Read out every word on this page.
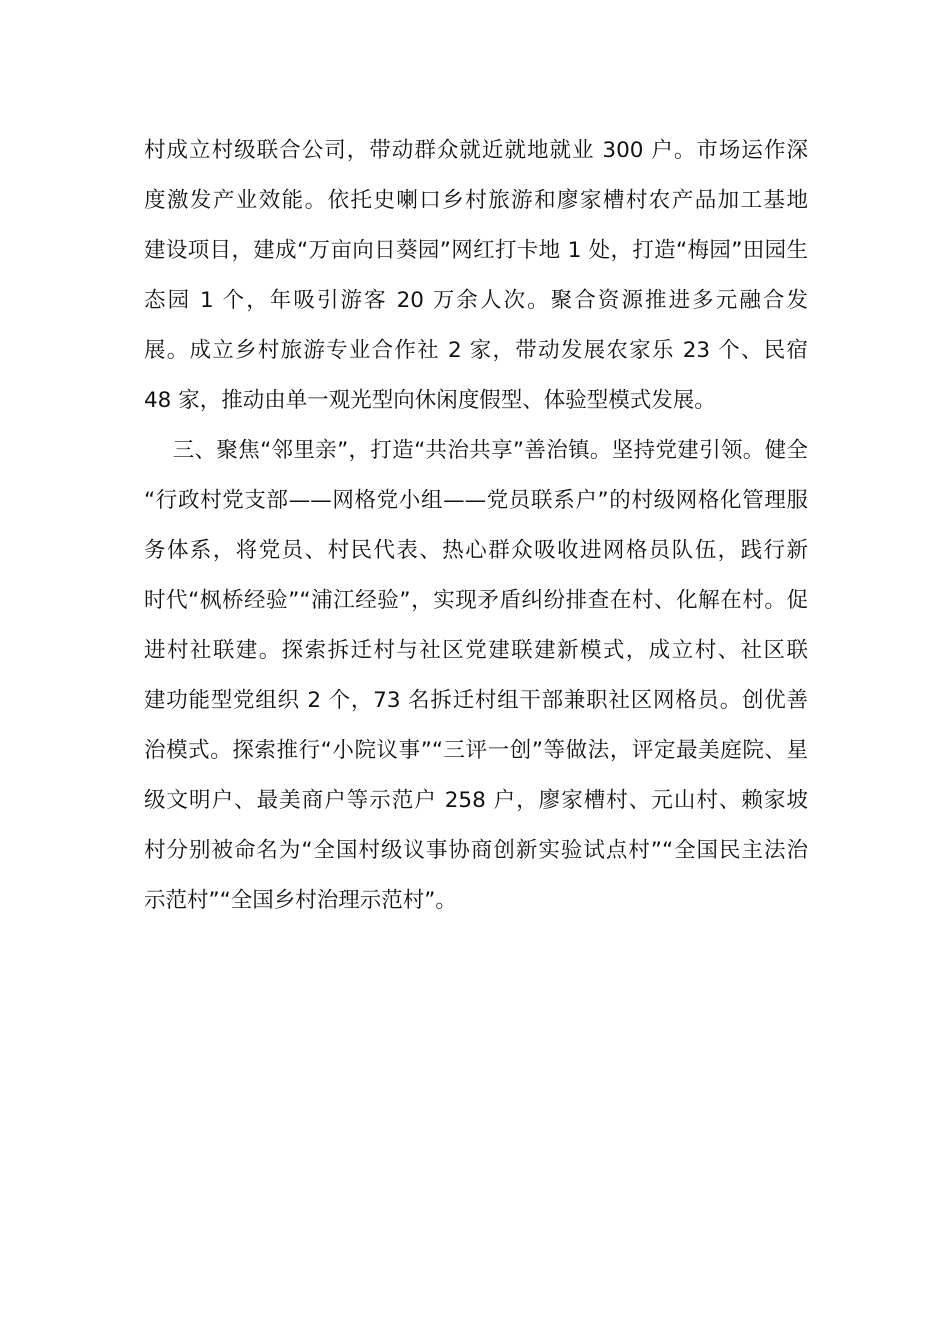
村成立村级联合公司，带动群众就近就地就业 300 户。市场运作深
度激发产业效能。依托史喇口乡村旅游和廖家槽村农产品加工基地
建设项目，建成“万亩向日葵园”网红打卡地 1 处，打造“梅园”田园生
态园 1 个，年吸引游客 20 万余人次。聚合资源推进多元融合发
展。成立乡村旅游专业合作社 2 家，带动发展农家乐 23 个、民宿
48 家，推动由单一观光型向休闲度假型、体验型模式发展。
三、聚焦“邻里亲”，打造“共治共享”善治镇。坚持党建引领。健全
“行政村党支部——网格党小组——党员联系户”的村级网格化管理服
务体系，将党员、村民代表、热心群众吸收进网格员队伍，践行新
时代“枫桥经验”“浦江经验”，实现矛盾纠纷排查在村、化解在村。促
进村社联建。探索拆迁村与社区党建联建新模式，成立村、社区联
建功能型党组织 2 个，73 名拆迁村组干部兼职社区网格员。创优善
治模式。探索推行“小院议事”“三评一创”等做法，评定最美庭院、星
级文明户、最美商户等示范户 258 户，廖家槽村、元山村、赖家坡
村分别被命名为“全国村级议事协商创新实验试点村”“全国民主法治
示范村”“全国乡村治理示范村”。
